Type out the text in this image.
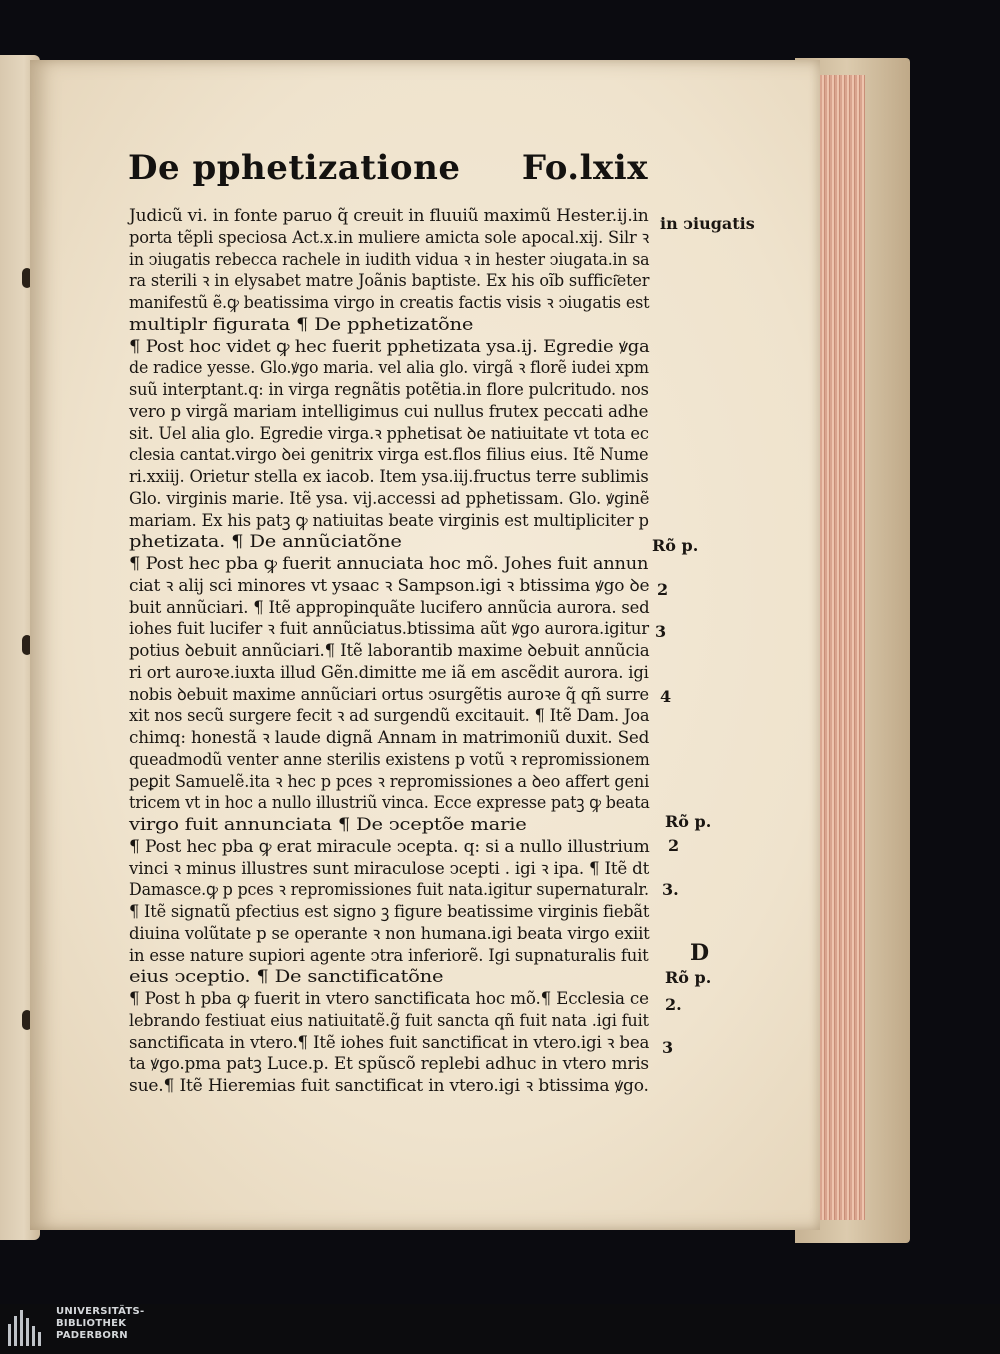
De pphetizatione Fo.lxix
Judicũ vi. in fonte paruo q̃ creuit in fluuiũ maximũ Hester.ij.in
porta tẽpli speciosa Act.x.in muliere amicta sole apocal.xij. Silr ꝛ
in ↄiugatis rebecca rachele in iudith vidua ꝛ in hester ↄiugata.in sa
ra sterili ꝛ in elysabet matre Joãnis baptiste. Ex his oĩb suffici͂eter
manifestũ ẽ.ꝙ beatissima virgo in creatis factis visis ꝛ ↄiugatis est
multiplr figurata ¶ De pphetizatõne
¶ Post hoc videt ꝙ hec fuerit pphetizata ysa.ij. Egredie ꝟga
de radice yesse. Glo.ꝟgo maria. vel alia glo. virgã ꝛ florẽ iudei xpm
suũ interptant.q: in virga regnãtis potẽtia.in flore pulcritudo. nos
vero p virgã mariam intelligimus cui nullus frutex peccati adhe
sit. Uel alia glo. Egredie virga.ꝛ pphetisat ꝺe natiuitate vt tota ec
clesia cantat.virgo ꝺei genitrix virga est.flos filius eius. Itẽ Nume
ri.xxiij. Orietur stella ex iacob. Item ysa.iij.fructus terre sublimis
Glo. virginis marie. Itẽ ysa. vij.accessi ad pphetissam. Glo. ꝟginẽ
mariam. Ex his patꝫ ꝙ natiuitas beate virginis est multipliciter p
phetizata. ¶ De annũciatõne
¶ Post hec pba ꝙ fuerit annuciata hoc mõ. Johes fuit annun
ciat ꝛ alij sci minores vt ysaac ꝛ Sampson.igi ꝛ btissima ꝟgo ꝺe
buit annũciari. ¶ Itẽ appropinquãte lucifero annũcia aurora. sed
iohes fuit lucifer ꝛ fuit annũciatus.btissima aũt ꝟgo aurora.igitur
potius ꝺebuit annũciari.¶ Itẽ laborantib maxime ꝺebuit annũcia
ri ort auroꝛe.iuxta illud Gẽn.dimitte me iã em ascẽdit aurora. igi
nobis ꝺebuit maxime annũciari ortus ↄsurgẽtis auroꝛe q̃ qñ surre
xit nos secũ surgere fecit ꝛ ad surgendũ excitauit. ¶ Itẽ Dam. Joa
chimq: honestã ꝛ laude dignã Annam in matrimoniũ duxit. Sed
queadmodũ venter anne sterilis existens p votũ ꝛ repromissionem
peꝑit Samuelẽ.ita ꝛ hec p pces ꝛ repromissiones a ꝺeo affert geni
tricem vt in hoc a nullo illustriũ vinca. Ecce expresse patꝫ ꝙ beata
virgo fuit annunciata ¶ De ↄceptõe marie
¶ Post hec pba ꝙ erat miracule ↄcepta. q: si a nullo illustrium
vinci ꝛ minus illustres sunt miraculose ↄcepti . igi ꝛ ipa. ¶ Itẽ dt
Damasce.ꝙ p pces ꝛ repromissiones fuit nata.igitur supernaturalr.
¶ Itẽ signatũ pfectius est signo ꝫ figure beatissime virginis fiebãt
diuina volũtate p se operante ꝛ non humana.igi beata virgo exiit
in esse nature supiori agente ↄtra inferiorẽ. Igi supnaturalis fuit
eius ↄceptio. ¶ De sanctificatõne
¶ Post h pba ꝙ fuerit in vtero sanctificata hoc mõ.¶ Ecclesia ce
lebrando festiuat eius natiuitatẽ.g̃ fuit sancta qñ fuit nata .igi fuit
sanctificata in vtero.¶ Itẽ iohes fuit sanctificat in vtero.igi ꝛ bea
ta ꝟgo.pma patꝫ Luce.p. Et spũscõ replebi adhuc in vtero mris
sue.¶ Itẽ Hieremias fuit sanctificat in vtero.igi ꝛ btissima ꝟgo.
in ↄiugatis
Rõ p.
2
3
4
Rõ p.
2
3.
D
Rõ p.
2.
3
UNIVERSITÄTS-
BIBLIOTHEK
PADERBORN
